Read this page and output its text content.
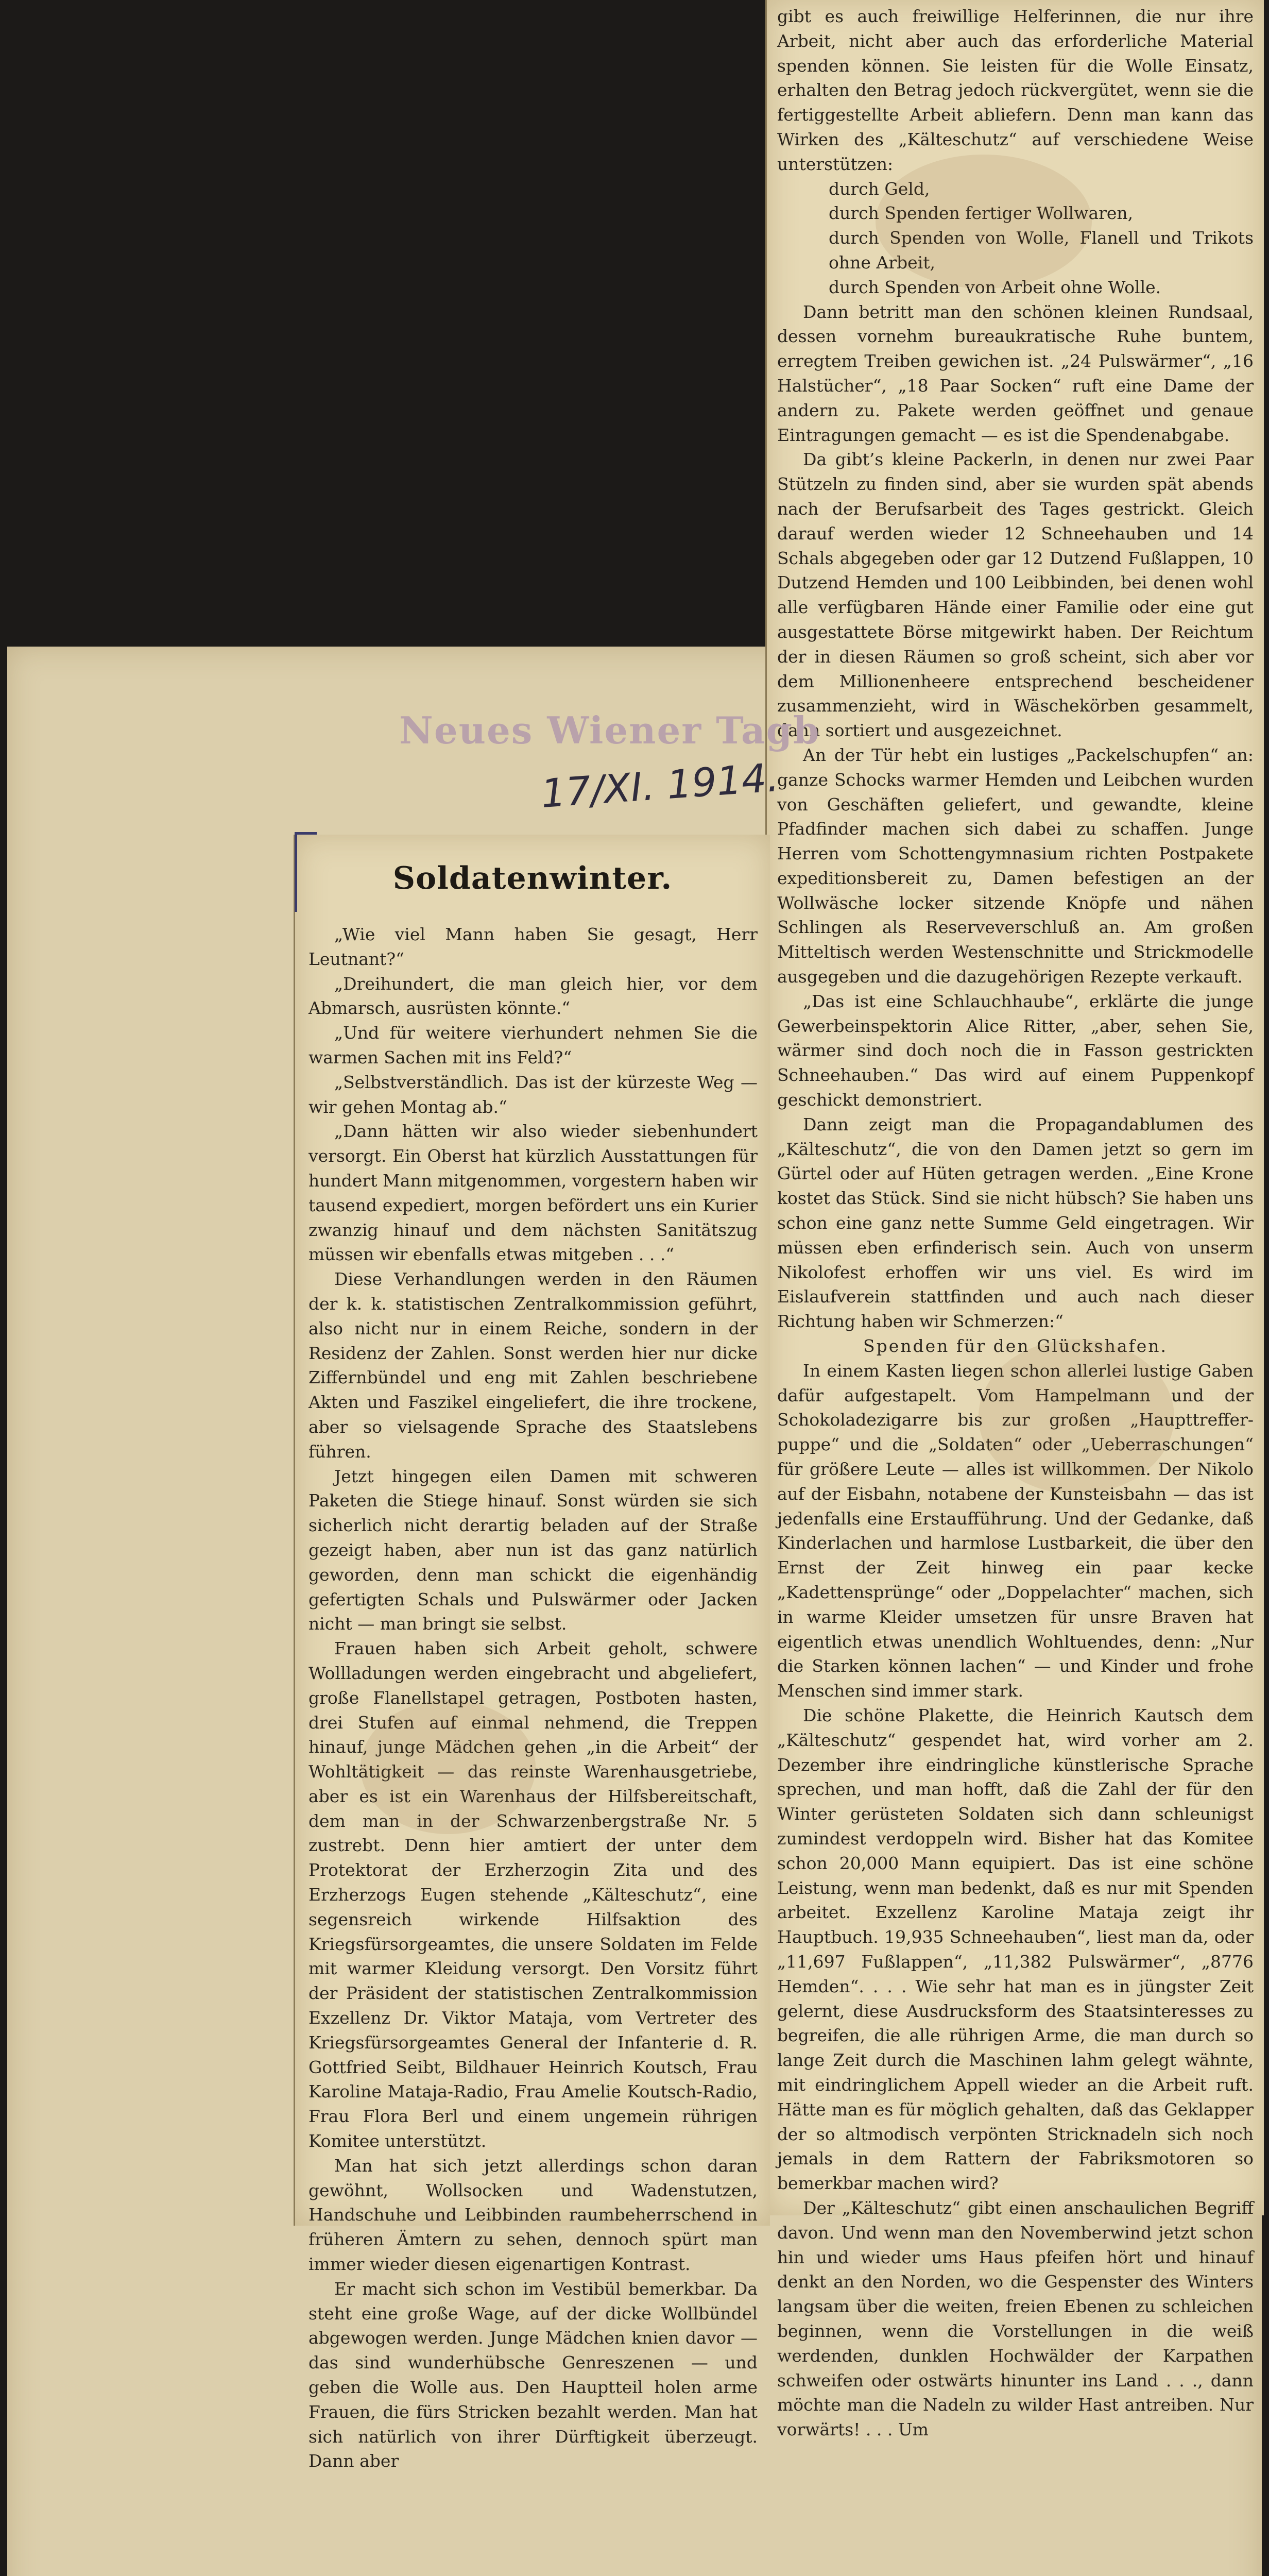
gibt es auch freiwillige Helferinnen, die nur ihre Arbeit, nicht aber auch das erforderliche Material spenden können. Sie leisten für die Wolle Einsatz, erhalten den Betrag jedoch rückvergütet, wenn sie die fertiggestellte Arbeit abliefern. Denn man kann das Wirken des „Kälteschutz“ auf verschiedene Weise unterstützen:

durch Geld,

durch Spenden fertiger Wollwaren,

durch Spenden von Wolle, Flanell und Trikots ohne Arbeit,

durch Spenden von Arbeit ohne Wolle.

Dann betritt man den schönen kleinen Rundsaal, dessen vornehm bureaukratische Ruhe buntem, erregtem Treiben gewichen ist. „24 Pulswärmer“, „16 Halstücher“, „18 Paar Socken“ ruft eine Dame der andern zu. Pakete werden geöffnet und genaue Eintragungen gemacht — es ist die Spendenabgabe.

Da gibt’s kleine Packerln, in denen nur zwei Paar Stützeln zu finden sind, aber sie wurden spät abends nach der Berufsarbeit des Tages gestrickt. Gleich darauf werden wieder 12 Schneehauben und 14 Schals abgegeben oder gar 12 Dutzend Fußlappen, 10 Dutzend Hemden und 100 Leibbinden, bei denen wohl alle verfügbaren Hände einer Familie oder eine gut ausgestattete Börse mitgewirkt haben. Der Reichtum der in diesen Räumen so groß scheint, sich aber vor dem Millionenheere entsprechend bescheidener zusammenzieht, wird in Wäschekörben gesammelt, dann sortiert und ausgezeichnet.

An der Tür hebt ein lustiges „Packelschupfen“ an: ganze Schocks warmer Hemden und Leibchen wurden von Geschäften geliefert, und gewandte, kleine Pfadfinder machen sich dabei zu schaffen. Junge Herren vom Schottengymnasium richten Postpakete expeditionsbereit zu, Damen befestigen an der Wollwäsche locker sitzende Knöpfe und nähen Schlingen als Reserveverschluß an. Am großen Mitteltisch werden Westenschnitte und Strickmodelle ausgegeben und die dazugehörigen Rezepte verkauft.

„Das ist eine Schlauchhaube“, erklärte die junge Gewerbeinspektorin Alice Ritter, „aber, sehen Sie, wärmer sind doch noch die in Fasson gestrickten Schneehauben.“ Das wird auf einem Puppenkopf geschickt demonstriert.

Dann zeigt man die Propagandablumen des „Kälteschutz“, die von den Damen jetzt so gern im Gürtel oder auf Hüten getragen werden. „Eine Krone kostet das Stück. Sind sie nicht hübsch? Sie haben uns schon eine ganz nette Summe Geld eingetragen. Wir müssen eben erfinderisch sein. Auch von unserm Nikolofest erhoffen wir uns viel. Es wird im Eislaufverein stattfinden und auch nach dieser Richtung haben wir Schmerzen:“

Spenden für den Glückshafen.

In einem Kasten liegen schon allerlei lustige Gaben dafür aufgestapelt. Vom Hampelmann und der Schokoladezigarre bis zur großen „Haupttreffer-puppe“ und die „Soldaten“ oder „Ueberraschungen“ für größere Leute — alles ist willkommen. Der Nikolo auf der Eisbahn, notabene der Kunsteisbahn — das ist jedenfalls eine Erstaufführung. Und der Gedanke, daß Kinderlachen und harmlose Lustbarkeit, die über den Ernst der Zeit hinweg ein paar kecke „Kadettensprünge“ oder „Doppelachter“ machen, sich in warme Kleider umsetzen für unsre Braven hat eigentlich etwas unendlich Wohltuendes, denn: „Nur die Starken können lachen“ — und Kinder und frohe Menschen sind immer stark.

Die schöne Plakette, die Heinrich Kautsch dem „Kälteschutz“ gespendet hat, wird vorher am 2. Dezember ihre eindringliche künstlerische Sprache sprechen, und man hofft, daß die Zahl der für den Winter gerüsteten Soldaten sich dann schleunigst zumindest verdoppeln wird. Bisher hat das Komitee schon 20,000 Mann equipiert. Das ist eine schöne Leistung, wenn man bedenkt, daß es nur mit Spenden arbeitet. Exzellenz Karoline Mataja zeigt ihr Hauptbuch. 19,935 Schneehauben“, liest man da, oder „11,697 Fußlappen“, „11,382 Pulswärmer“, „8776 Hemden“. . . . Wie sehr hat man es in jüngster Zeit gelernt, diese Ausdrucksform des Staatsinteresses zu begreifen, die alle rührigen Arme, die man durch so lange Zeit durch die Maschinen lahm gelegt wähnte, mit eindringlichem Appell wieder an die Arbeit ruft. Hätte man es für möglich gehalten, daß das Geklapper der so altmodisch verpönten Stricknadeln sich noch jemals in dem Rattern der Fabriksmotoren so bemerkbar machen wird?

Der „Kälteschutz“ gibt einen anschaulichen Begriff davon. Und wenn man den Novemberwind jetzt schon hin und wieder ums Haus pfeifen hört und hinauf denkt an den Norden, wo die Gespenster des Winters langsam über die weiten, freien Ebenen zu schleichen beginnen, wenn die Vorstellungen in die weiß werdenden, dunklen Hochwälder der Karpathen schweifen oder ostwärts hinunter ins Land . . ., dann möchte man die Nadeln zu wilder Hast antreiben. Nur vorwärts! . . . Um

Soldatenwinter.

„Wie viel Mann haben Sie gesagt, Herr Leutnant?“

„Dreihundert, die man gleich hier, vor dem Abmarsch, ausrüsten könnte.“

„Und für weitere vierhundert nehmen Sie die warmen Sachen mit ins Feld?“

„Selbstverständlich. Das ist der kürzeste Weg — wir gehen Montag ab.“

„Dann hätten wir also wieder siebenhundert versorgt. Ein Oberst hat kürzlich Ausstattungen für hundert Mann mitgenommen, vorgestern haben wir tausend expediert, morgen befördert uns ein Kurier zwanzig hinauf und dem nächsten Sanitätszug müssen wir ebenfalls etwas mitgeben . . .“

Diese Verhandlungen werden in den Räumen der k. k. statistischen Zentralkommission geführt, also nicht nur in einem Reiche, sondern in der Residenz der Zahlen. Sonst werden hier nur dicke Ziffernbündel und eng mit Zahlen beschriebene Akten und Faszikel eingeliefert, die ihre trockene, aber so vielsagende Sprache des Staatslebens führen.

Jetzt hingegen eilen Damen mit schweren Paketen die Stiege hinauf. Sonst würden sie sich sicherlich nicht derartig beladen auf der Straße gezeigt haben, aber nun ist das ganz natürlich geworden, denn man schickt die eigenhändig gefertigten Schals und Pulswärmer oder Jacken nicht — man bringt sie selbst.

Frauen haben sich Arbeit geholt, schwere Wollladungen werden eingebracht und abgeliefert, große Flanellstapel getragen, Postboten hasten, drei Stufen auf einmal nehmend, die Treppen hinauf, junge Mädchen gehen „in die Arbeit“ der Wohltätigkeit — das reinste Warenhausgetriebe, aber es ist ein Warenhaus der Hilfsbereitschaft, dem man in der Schwarzenbergstraße Nr. 5 zustrebt. Denn hier amtiert der unter dem Protektorat der Erzherzogin Zita und des Erzherzogs Eugen stehende „Kälteschutz“, eine segensreich wirkende Hilfsaktion des Kriegsfürsorgeamtes, die unsere Soldaten im Felde mit warmer Kleidung versorgt. Den Vorsitz führt der Präsident der statistischen Zentralkommission Exzellenz Dr. Viktor Mataja, vom Vertreter des Kriegsfürsorgeamtes General der Infanterie d. R. Gottfried Seibt, Bildhauer Heinrich Koutsch, Frau Karoline Mataja-Radio, Frau Amelie Koutsch-Radio, Frau Flora Berl und einem ungemein rührigen Komitee unterstützt.

Man hat sich jetzt allerdings schon daran gewöhnt, Wollsocken und Wadenstutzen, Handschuhe und Leibbinden raumbeherrschend in früheren Ämtern zu sehen, dennoch spürt man immer wieder diesen eigenartigen Kontrast.

Er macht sich schon im Vestibül bemerkbar. Da steht eine große Wage, auf der dicke Wollbündel abgewogen werden. Junge Mädchen knien davor — das sind wunderhübsche Genreszenen — und geben die Wolle aus. Den Hauptteil holen arme Frauen, die fürs Stricken bezahlt werden. Man hat sich natürlich von ihrer Dürftigkeit überzeugt. Dann aber

Neues Wiener Tagb
17/XI. 1914.
